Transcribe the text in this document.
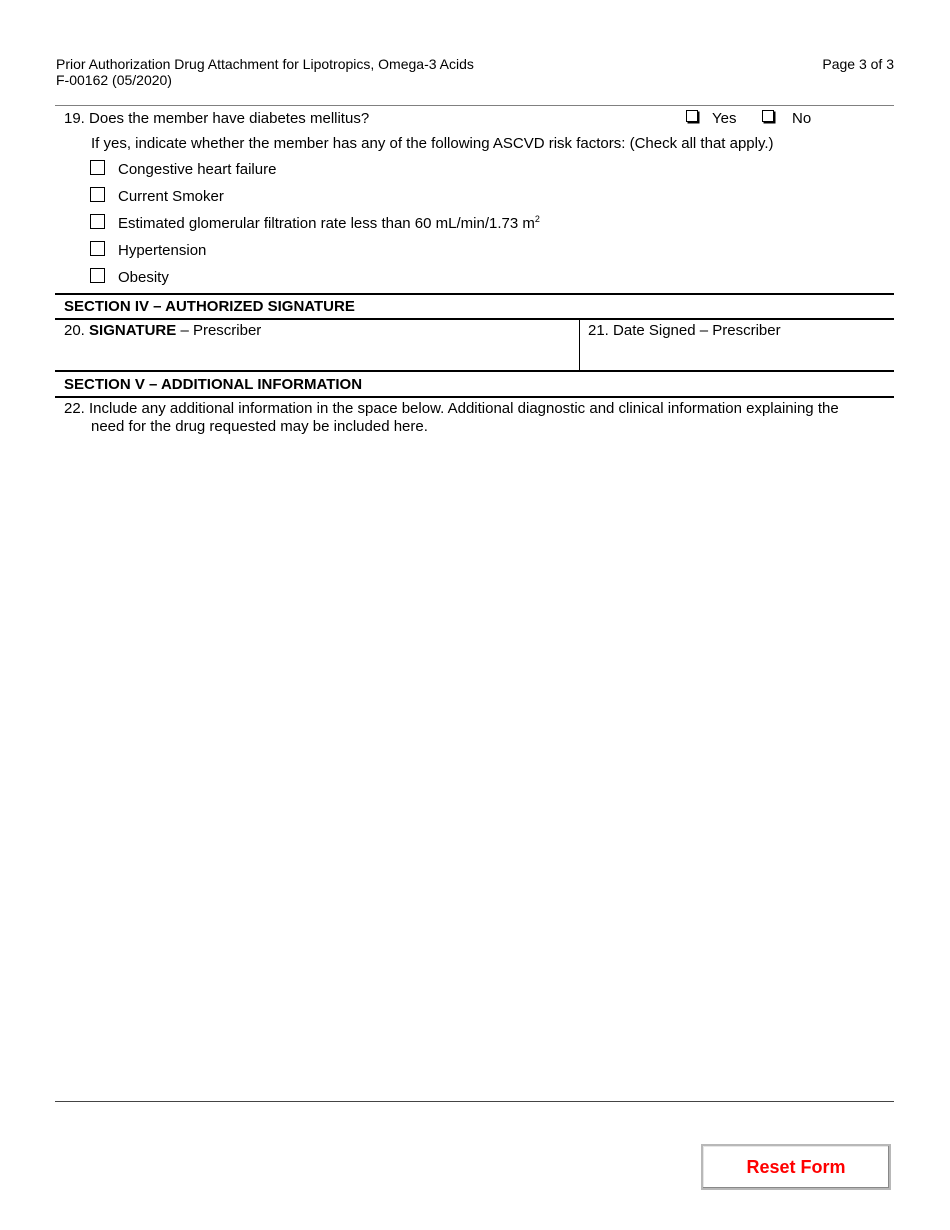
Prior Authorization Drug Attachment for Lipotropics, Omega-3 Acids
F-00162 (05/2020)
Page 3 of 3
19. Does the member have diabetes mellitus?	Yes	No
If yes, indicate whether the member has any of the following ASCVD risk factors: (Check all that apply.)
Congestive heart failure
Current Smoker
Estimated glomerular filtration rate less than 60 mL/min/1.73 $m^2$
Hypertension
Obesity
SECTION IV – AUTHORIZED SIGNATURE
20. SIGNATURE – Prescriber	21. Date Signed – Prescriber
SECTION V – ADDITIONAL INFORMATION
22. Include any additional information in the space below. Additional diagnostic and clinical information explaining the
need for the drug requested may be included here.
Reset Form
